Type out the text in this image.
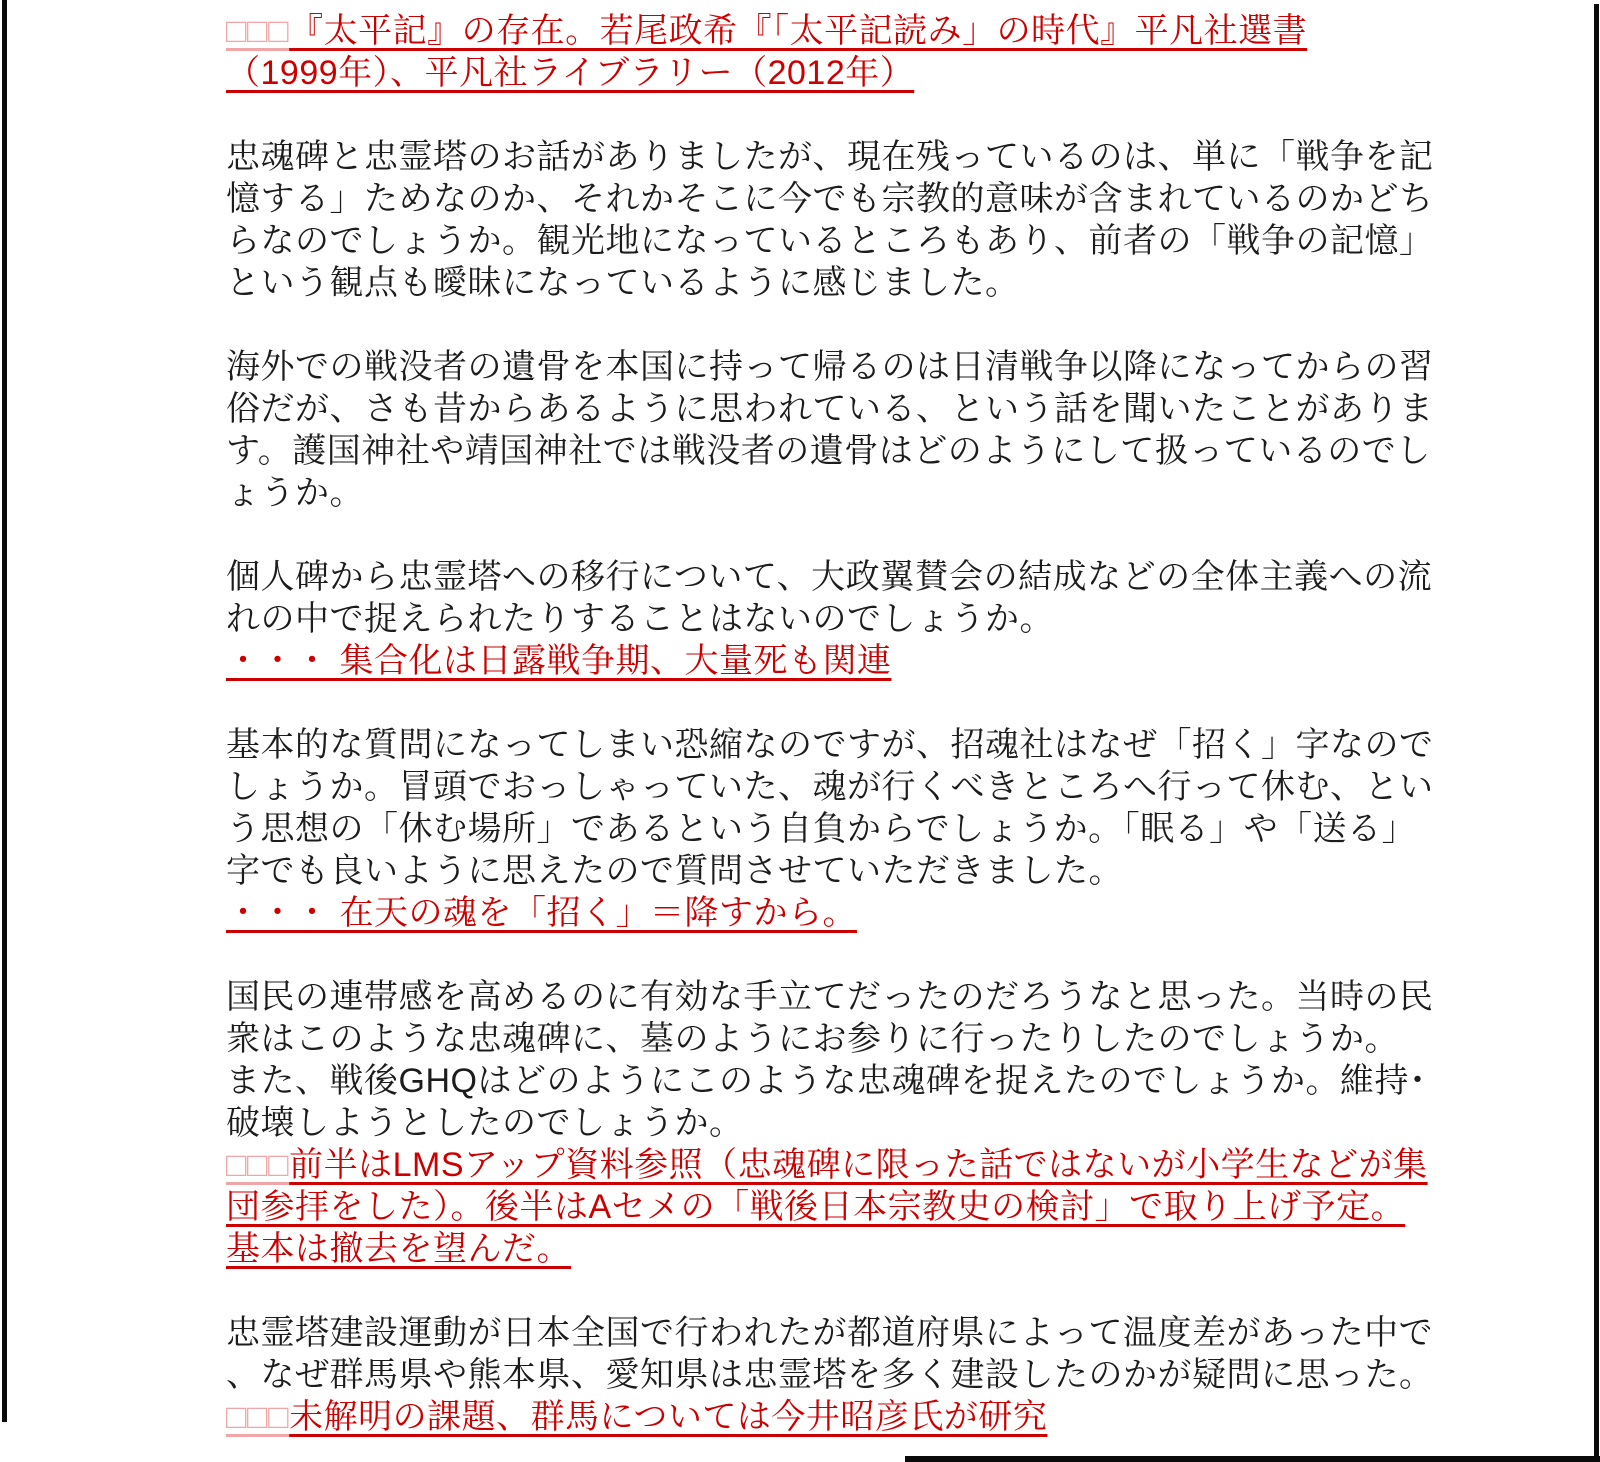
□□□『太平記』の存在。若尾政希『「太平記読み」の時代』平凡社選書
（1999年）、平凡社ライブラリー（2012年）
忠魂碑と忠霊塔のお話がありましたが、現在残っているのは、単に「戦争を記
憶する」ためなのか、それかそこに今でも宗教的意味が含まれているのかどち
らなのでしょうか。観光地になっているところもあり、前者の「戦争の記憶」
という観点も曖昧になっているように感じました。
海外での戦没者の遺骨を本国に持って帰るのは日清戦争以降になってからの習
俗だが、さも昔からあるように思われている、という話を聞いたことがありま
す。護国神社や靖国神社では戦没者の遺骨はどのようにして扱っているのでし
ょうか。
個人碑から忠霊塔への移行について、大政翼賛会の結成などの全体主義への流
れの中で捉えられたりすることはないのでしょうか。
・・・ 集合化は日露戦争期、大量死も関連
基本的な質問になってしまい恐縮なのですが、招魂社はなぜ「招く」字なので
しょうか。冒頭でおっしゃっていた、魂が行くべきところへ行って休む、とい
う思想の「休む場所」であるという自負からでしょうか。「眠る」や「送る」
字でも良いように思えたので質問させていただきました。
・・・ 在天の魂を「招く」＝降すから。
国民の連帯感を高めるのに有効な手立てだったのだろうなと思った。当時の民
衆はこのような忠魂碑に、墓のようにお参りに行ったりしたのでしょうか。
また、戦後GHQはどのようにこのような忠魂碑を捉えたのでしょうか。維持･
破壊しようとしたのでしょうか。
□□□前半はLMSアップ資料参照（忠魂碑に限った話ではないが小学生などが集
団参拝をした）。後半はAセメの「戦後日本宗教史の検討」で取り上げ予定。
基本は撤去を望んだ。
忠霊塔建設運動が日本全国で行われたが都道府県によって温度差があった中で
、なぜ群馬県や熊本県、愛知県は忠霊塔を多く建設したのかが疑問に思った。
□□□未解明の課題、群馬については今井昭彦氏が研究
